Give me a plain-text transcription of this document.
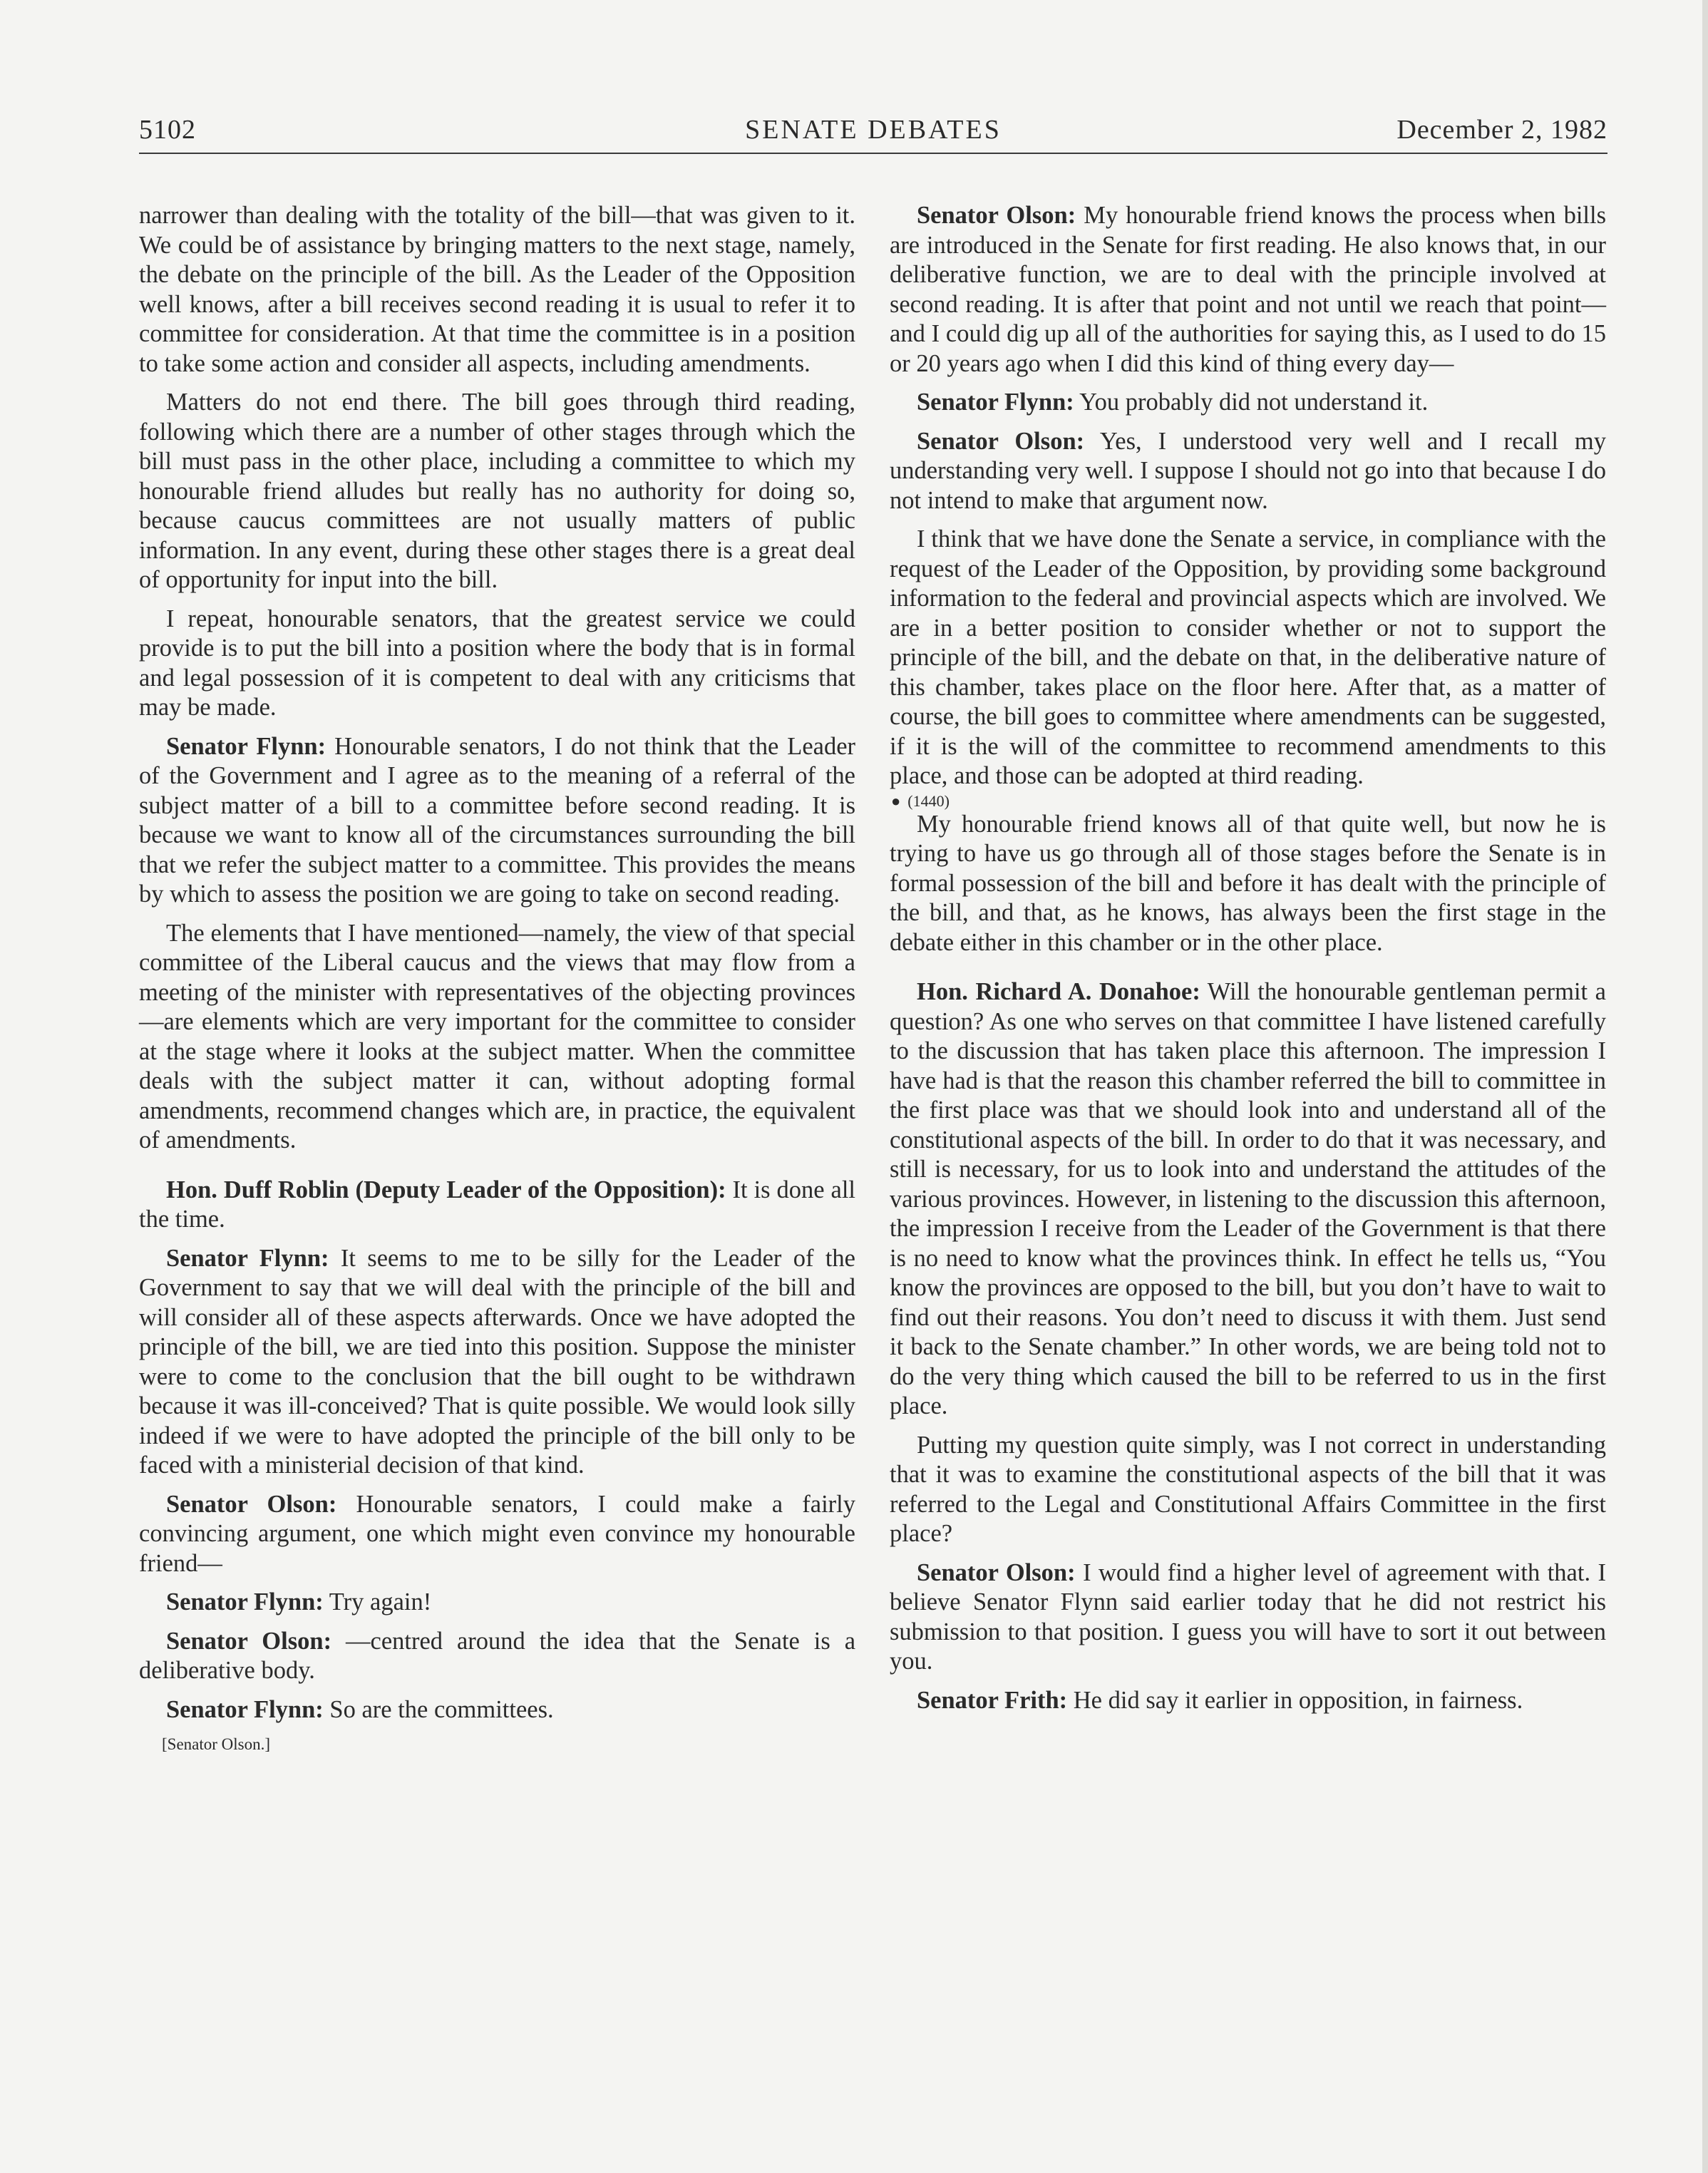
5102	SENATE DEBATES	December 2, 1982

narrower than dealing with the totality of the bill—that was given to it. We could be of assistance by bringing matters to the next stage, namely, the debate on the principle of the bill. As the Leader of the Opposition well knows, after a bill receives second reading it is usual to refer it to committee for consideration. At that time the committee is in a position to take some action and consider all aspects, including amendments.

Matters do not end there. The bill goes through third reading, following which there are a number of other stages through which the bill must pass in the other place, including a committee to which my honourable friend alludes but really has no authority for doing so, because caucus committees are not usually matters of public information. In any event, during these other stages there is a great deal of opportunity for input into the bill.

I repeat, honourable senators, that the greatest service we could provide is to put the bill into a position where the body that is in formal and legal possession of it is competent to deal with any criticisms that may be made.

Senator Flynn: Honourable senators, I do not think that the Leader of the Government and I agree as to the meaning of a referral of the subject matter of a bill to a committee before second reading. It is because we want to know all of the circumstances surrounding the bill that we refer the subject matter to a committee. This provides the means by which to assess the position we are going to take on second reading.

The elements that I have mentioned—namely, the view of that special committee of the Liberal caucus and the views that may flow from a meeting of the minister with representatives of the objecting provinces—are elements which are very important for the committee to consider at the stage where it looks at the subject matter. When the committee deals with the subject matter it can, without adopting formal amendments, recommend changes which are, in practice, the equivalent of amendments.

Hon. Duff Roblin (Deputy Leader of the Opposition): It is done all the time.

Senator Flynn: It seems to me to be silly for the Leader of the Government to say that we will deal with the principle of the bill and will consider all of these aspects afterwards. Once we have adopted the principle of the bill, we are tied into this position. Suppose the minister were to come to the conclusion that the bill ought to be withdrawn because it was ill-conceived? That is quite possible. We would look silly indeed if we were to have adopted the principle of the bill only to be faced with a ministerial decision of that kind.

Senator Olson: Honourable senators, I could make a fairly convincing argument, one which might even convince my honourable friend—

Senator Flynn: Try again!

Senator Olson: —centred around the idea that the Senate is a deliberative body.

Senator Flynn: So are the committees.

[Senator Olson.]

Senator Olson: My honourable friend knows the process when bills are introduced in the Senate for first reading. He also knows that, in our deliberative function, we are to deal with the principle involved at second reading. It is after that point and not until we reach that point—and I could dig up all of the authorities for saying this, as I used to do 15 or 20 years ago when I did this kind of thing every day—

Senator Flynn: You probably did not understand it.

Senator Olson: Yes, I understood very well and I recall my understanding very well. I suppose I should not go into that because I do not intend to make that argument now.

I think that we have done the Senate a service, in compliance with the request of the Leader of the Opposition, by providing some background information to the federal and provincial aspects which are involved. We are in a better position to consider whether or not to support the principle of the bill, and the debate on that, in the deliberative nature of this chamber, takes place on the floor here. After that, as a matter of course, the bill goes to committee where amendments can be suggested, if it is the will of the committee to recommend amendments to this place, and those can be adopted at third reading.

● (1440)

My honourable friend knows all of that quite well, but now he is trying to have us go through all of those stages before the Senate is in formal possession of the bill and before it has dealt with the principle of the bill, and that, as he knows, has always been the first stage in the debate either in this chamber or in the other place.

Hon. Richard A. Donahoe: Will the honourable gentleman permit a question? As one who serves on that committee I have listened carefully to the discussion that has taken place this afternoon. The impression I have had is that the reason this chamber referred the bill to committee in the first place was that we should look into and understand all of the constitutional aspects of the bill. In order to do that it was necessary, and still is necessary, for us to look into and understand the attitudes of the various provinces. However, in listening to the discussion this afternoon, the impression I receive from the Leader of the Government is that there is no need to know what the provinces think. In effect he tells us, “You know the provinces are opposed to the bill, but you don’t have to wait to find out their reasons. You don’t need to discuss it with them. Just send it back to the Senate chamber.” In other words, we are being told not to do the very thing which caused the bill to be referred to us in the first place.

Putting my question quite simply, was I not correct in understanding that it was to examine the constitutional aspects of the bill that it was referred to the Legal and Constitutional Affairs Committee in the first place?

Senator Olson: I would find a higher level of agreement with that. I believe Senator Flynn said earlier today that he did not restrict his submission to that position. I guess you will have to sort it out between you.

Senator Frith: He did say it earlier in opposition, in fairness.
